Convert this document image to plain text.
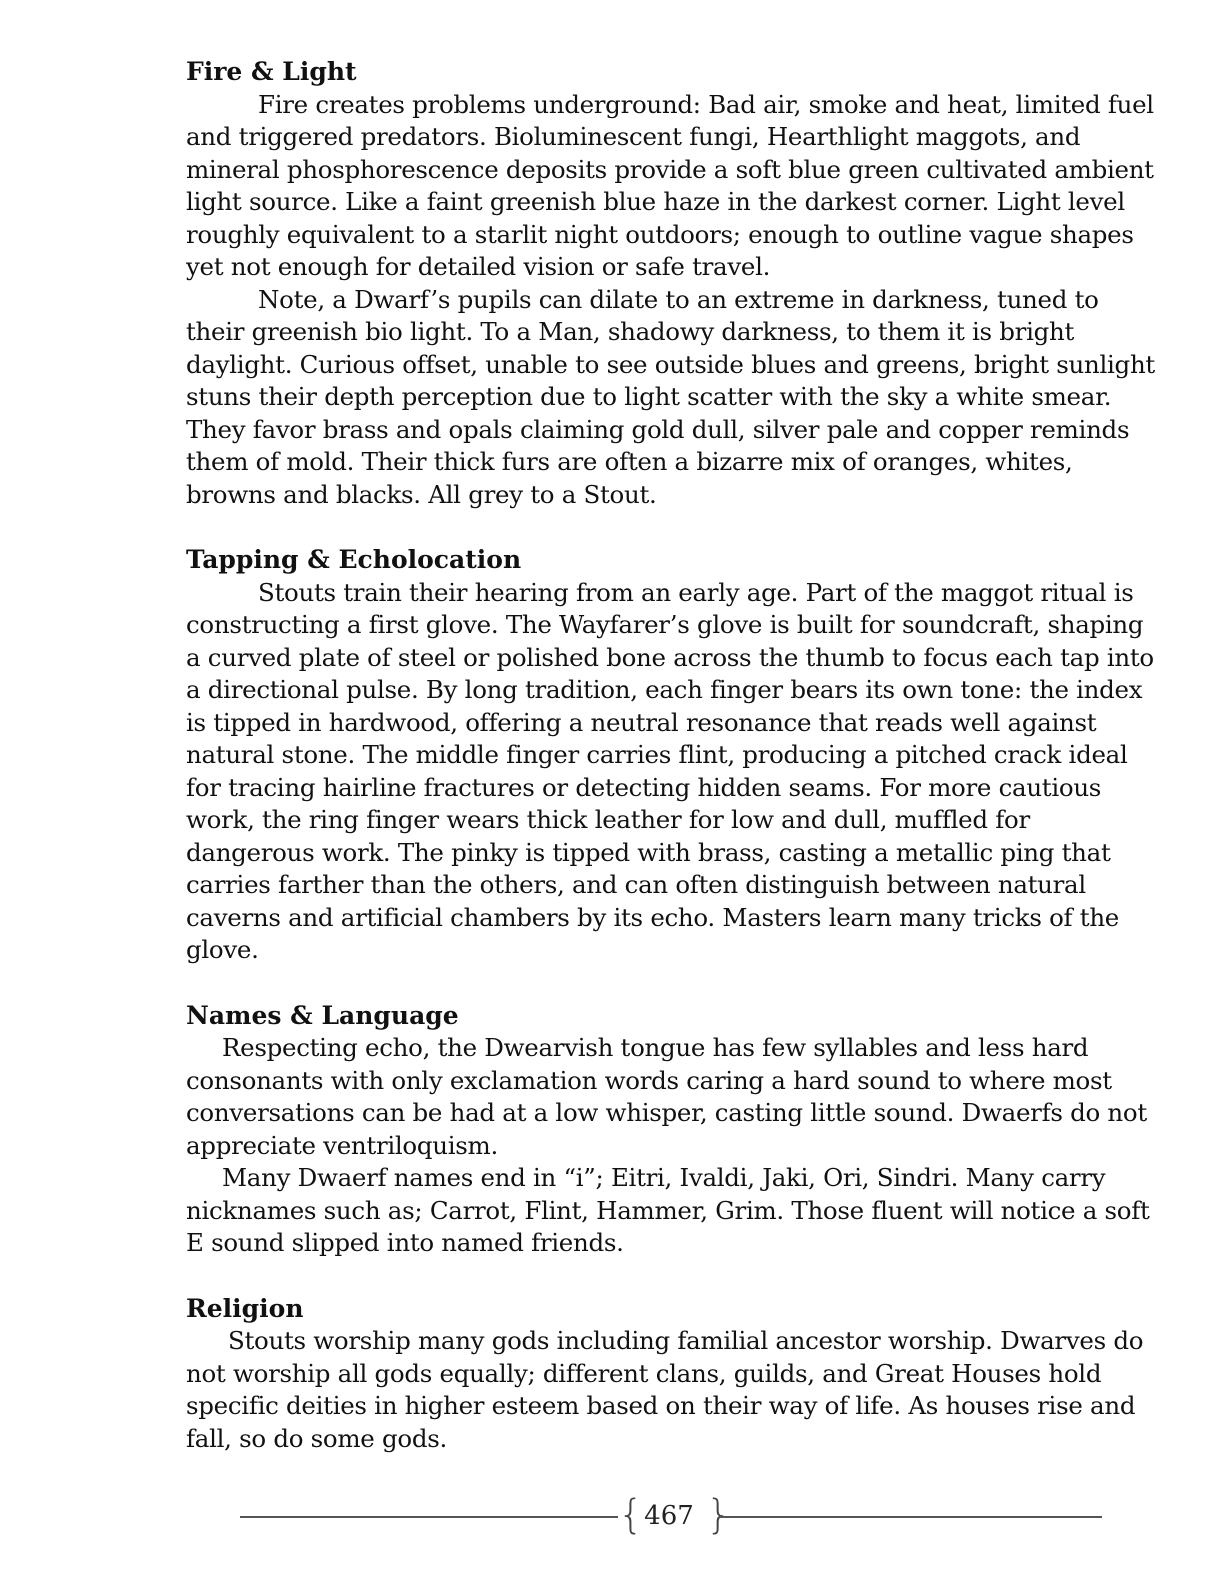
Fire & Light

Fire creates problems underground: Bad air, smoke and heat, limited fuel and triggered predators. Bioluminescent fungi, Hearthlight maggots, and mineral phosphorescence deposits provide a soft blue green cultivated ambient light source. Like a faint greenish blue haze in the darkest corner. Light level roughly equivalent to a starlit night outdoors; enough to outline vague shapes yet not enough for detailed vision or safe travel.

Note, a Dwarf’s pupils can dilate to an extreme in darkness, tuned to their greenish bio light. To a Man, shadowy darkness, to them it is bright daylight. Curious offset, unable to see outside blues and greens, bright sunlight stuns their depth perception due to light scatter with the sky a white smear. They favor brass and opals claiming gold dull, silver pale and copper reminds them of mold. Their thick furs are often a bizarre mix of oranges, whites, browns and blacks. All grey to a Stout.

Tapping & Echolocation

Stouts train their hearing from an early age. Part of the maggot ritual is constructing a first glove. The Wayfarer’s glove is built for soundcraft, shaping a curved plate of steel or polished bone across the thumb to focus each tap into a directional pulse. By long tradition, each finger bears its own tone: the index is tipped in hardwood, offering a neutral resonance that reads well against natural stone. The middle finger carries flint, producing a pitched crack ideal for tracing hairline fractures or detecting hidden seams. For more cautious work, the ring finger wears thick leather for low and dull, muffled for dangerous work. The pinky is tipped with brass, casting a metallic ping that carries farther than the others, and can often distinguish between natural caverns and artificial chambers by its echo. Masters learn many tricks of the glove.

Names & Language

Respecting echo, the Dwearvish tongue has few syllables and less hard consonants with only exclamation words caring a hard sound to where most conversations can be had at a low whisper, casting little sound. Dwaerfs do not appreciate ventriloquism.

Many Dwaerf names end in “i”; Eitri, Ivaldi, Jaki, Ori, Sindri. Many carry nicknames such as; Carrot, Flint, Hammer, Grim. Those fluent will notice a soft E sound slipped into named friends.

Religion

Stouts worship many gods including familial ancestor worship. Dwarves do not worship all gods equally; different clans, guilds, and Great Houses hold specific deities in higher esteem based on their way of life. As houses rise and fall, so do some gods.

{ 467 }
